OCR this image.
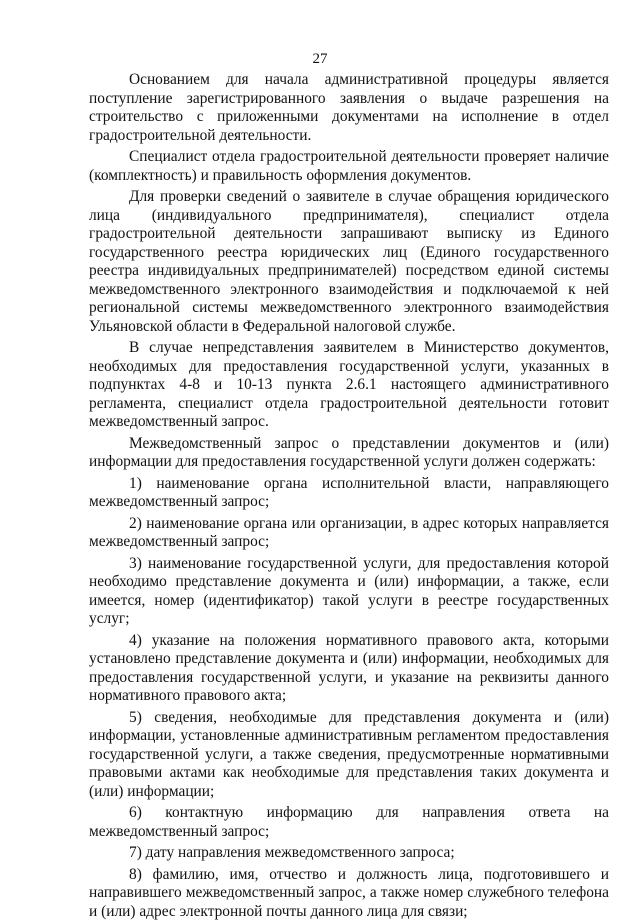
27

Основанием для начала административной процедуры является поступление зарегистрированного заявления о выдаче разрешения на строительство с приложенными документами на исполнение в отдел градостроительной деятельности.

Специалист отдела градостроительной деятельности проверяет наличие (комплектность) и правильность оформления документов.

Для проверки сведений о заявителе в случае обращения юридического лица (индивидуального предпринимателя), специалист отдела градостроительной деятельности запрашивают выписку из Единого государственного реестра юридических лиц (Единого государственного реестра индивидуальных предпринимателей) посредством единой системы межведомственного электронного взаимодействия и подключаемой к ней региональной системы межведомственного электронного взаимодействия Ульяновской области в Федеральной налоговой службе.

В случае непредставления заявителем в Министерство документов, необходимых для предоставления государственной услуги, указанных в подпунктах 4-8 и 10-13 пункта 2.6.1 настоящего административного регламента, специалист отдела градостроительной деятельности готовит межведомственный запрос.

Межведомственный запрос о представлении документов и (или) информации для предоставления государственной услуги должен содержать:

1) наименование органа исполнительной власти, направляющего межведомственный запрос;

2) наименование органа или организации, в адрес которых направляется межведомственный запрос;

3) наименование государственной услуги, для предоставления которой необходимо представление документа и (или) информации, а также, если имеется, номер (идентификатор) такой услуги в реестре государственных услуг;

4) указание на положения нормативного правового акта, которыми установлено представление документа и (или) информации, необходимых для предоставления государственной услуги, и указание на реквизиты данного нормативного правового акта;

5) сведения, необходимые для представления документа и (или) информации, установленные административным регламентом предоставления государственной услуги, а также сведения, предусмотренные нормативными правовыми актами как необходимые для представления таких документа и (или) информации;

6) контактную информацию для направления ответа на межведомственный запрос;

7) дату направления межведомственного запроса;

8) фамилию, имя, отчество и должность лица, подготовившего и направившего межведомственный запрос, а также номер служебного телефона и (или) адрес электронной почты данного лица для связи;
